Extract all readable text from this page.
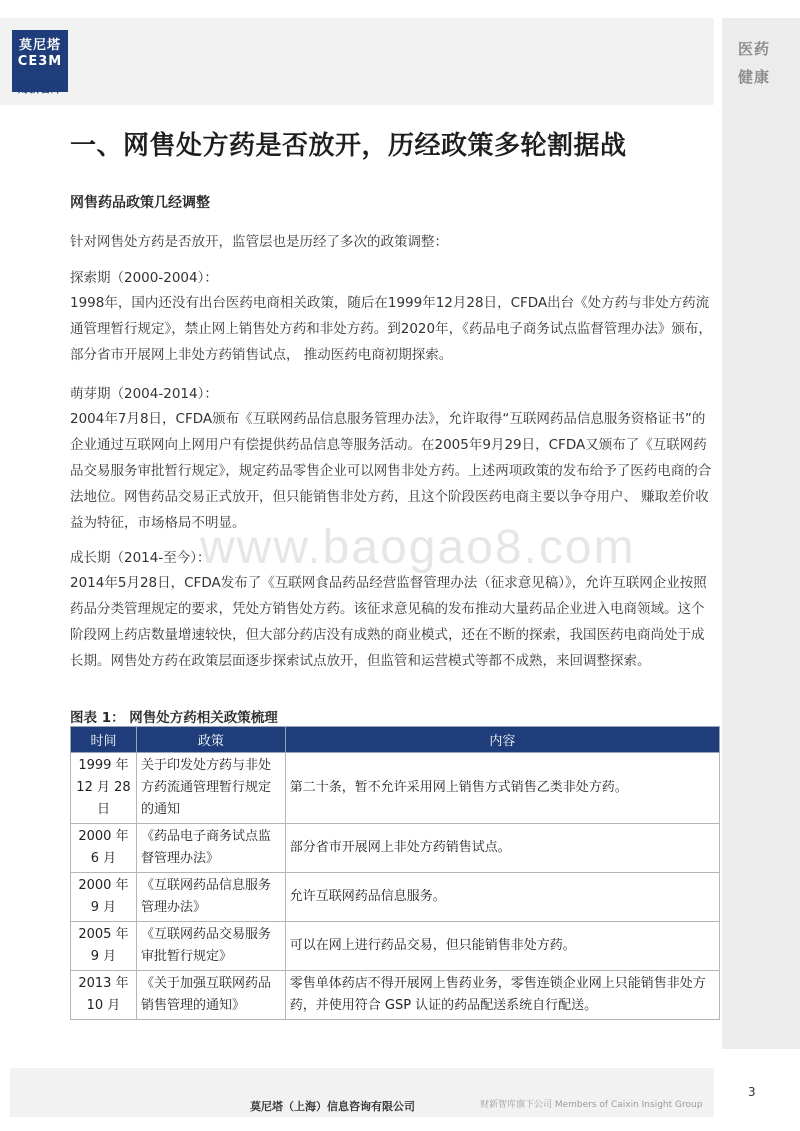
医药
健康
莫尼塔
CE3M
财新智库
一、网售处方药是否放开，历经政策多轮割据战
网售药品政策几经调整

针对网售处方药是否放开，监管层也是历经了多次的政策调整：

探索期（2000-2004）：

1998年，国内还没有出台医药电商相关政策，随后在1999年12月28日，CFDA出台《处方药与非处方药流通管理暂行规定》，禁止网上销售处方药和非处方药。到2020年，《药品电子商务试点监督管理办法》颁布，部分省市开展网上非处方药销售试点， 推动医药电商初期探索。

萌芽期（2004-2014）：

2004年7月8日，CFDA颁布《互联网药品信息服务管理办法》，允许取得“互联网药品信息服务资格证书”的企业通过互联网向上网用户有偿提供药品信息等服务活动。在2005年9月29日，CFDA又颁布了《互联网药品交易服务审批暂行规定》，规定药品零售企业可以网售非处方药。上述两项政策的发布给予了医药电商的合法地位。网售药品交易正式放开，但只能销售非处方药，且这个阶段医药电商主要以争夺用户、 赚取差价收益为特征，市场格局不明显。

www.baogao8.com
成长期（2014-至今）：

2014年5月28日，CFDA发布了《互联网食品药品经营监督管理办法（征求意见稿）》，允许互联网企业按照药品分类管理规定的要求，凭处方销售处方药。该征求意见稿的发布推动大量药品企业进入电商领域。这个阶段网上药店数量增速较快，但大部分药店没有成熟的商业模式，还在不断的探索，我国医药电商尚处于成长期。网售处方药在政策层面逐步探索试点放开，但监管和运营模式等都不成熟，来回调整探索。

图表 1： 网售处方药相关政策梳理
时间	政策	内容
1999 年 12 月 28 日	关于印发处方药与非处方药流通管理暂行规定的通知	第二十条，暂不允许采用网上销售方式销售乙类非处方药。
2000 年 6 月	《药品电子商务试点监督管理办法》	部分省市开展网上非处方药销售试点。
2000 年 9 月	《互联网药品信息服务管理办法》	允许互联网药品信息服务。
2005 年 9 月	《互联网药品交易服务审批暂行规定》	可以在网上进行药品交易，但只能销售非处方药。
2013 年 10 月	《关于加强互联网药品销售管理的通知》	零售单体药店不得开展网上售药业务，零售连锁企业网上只能销售非处方药，并使用符合 GSP 认证的药品配送系统自行配送。
莫尼塔（上海）信息咨询有限公司	财新智库旗下公司 Members of Caixin Insight Group
3
